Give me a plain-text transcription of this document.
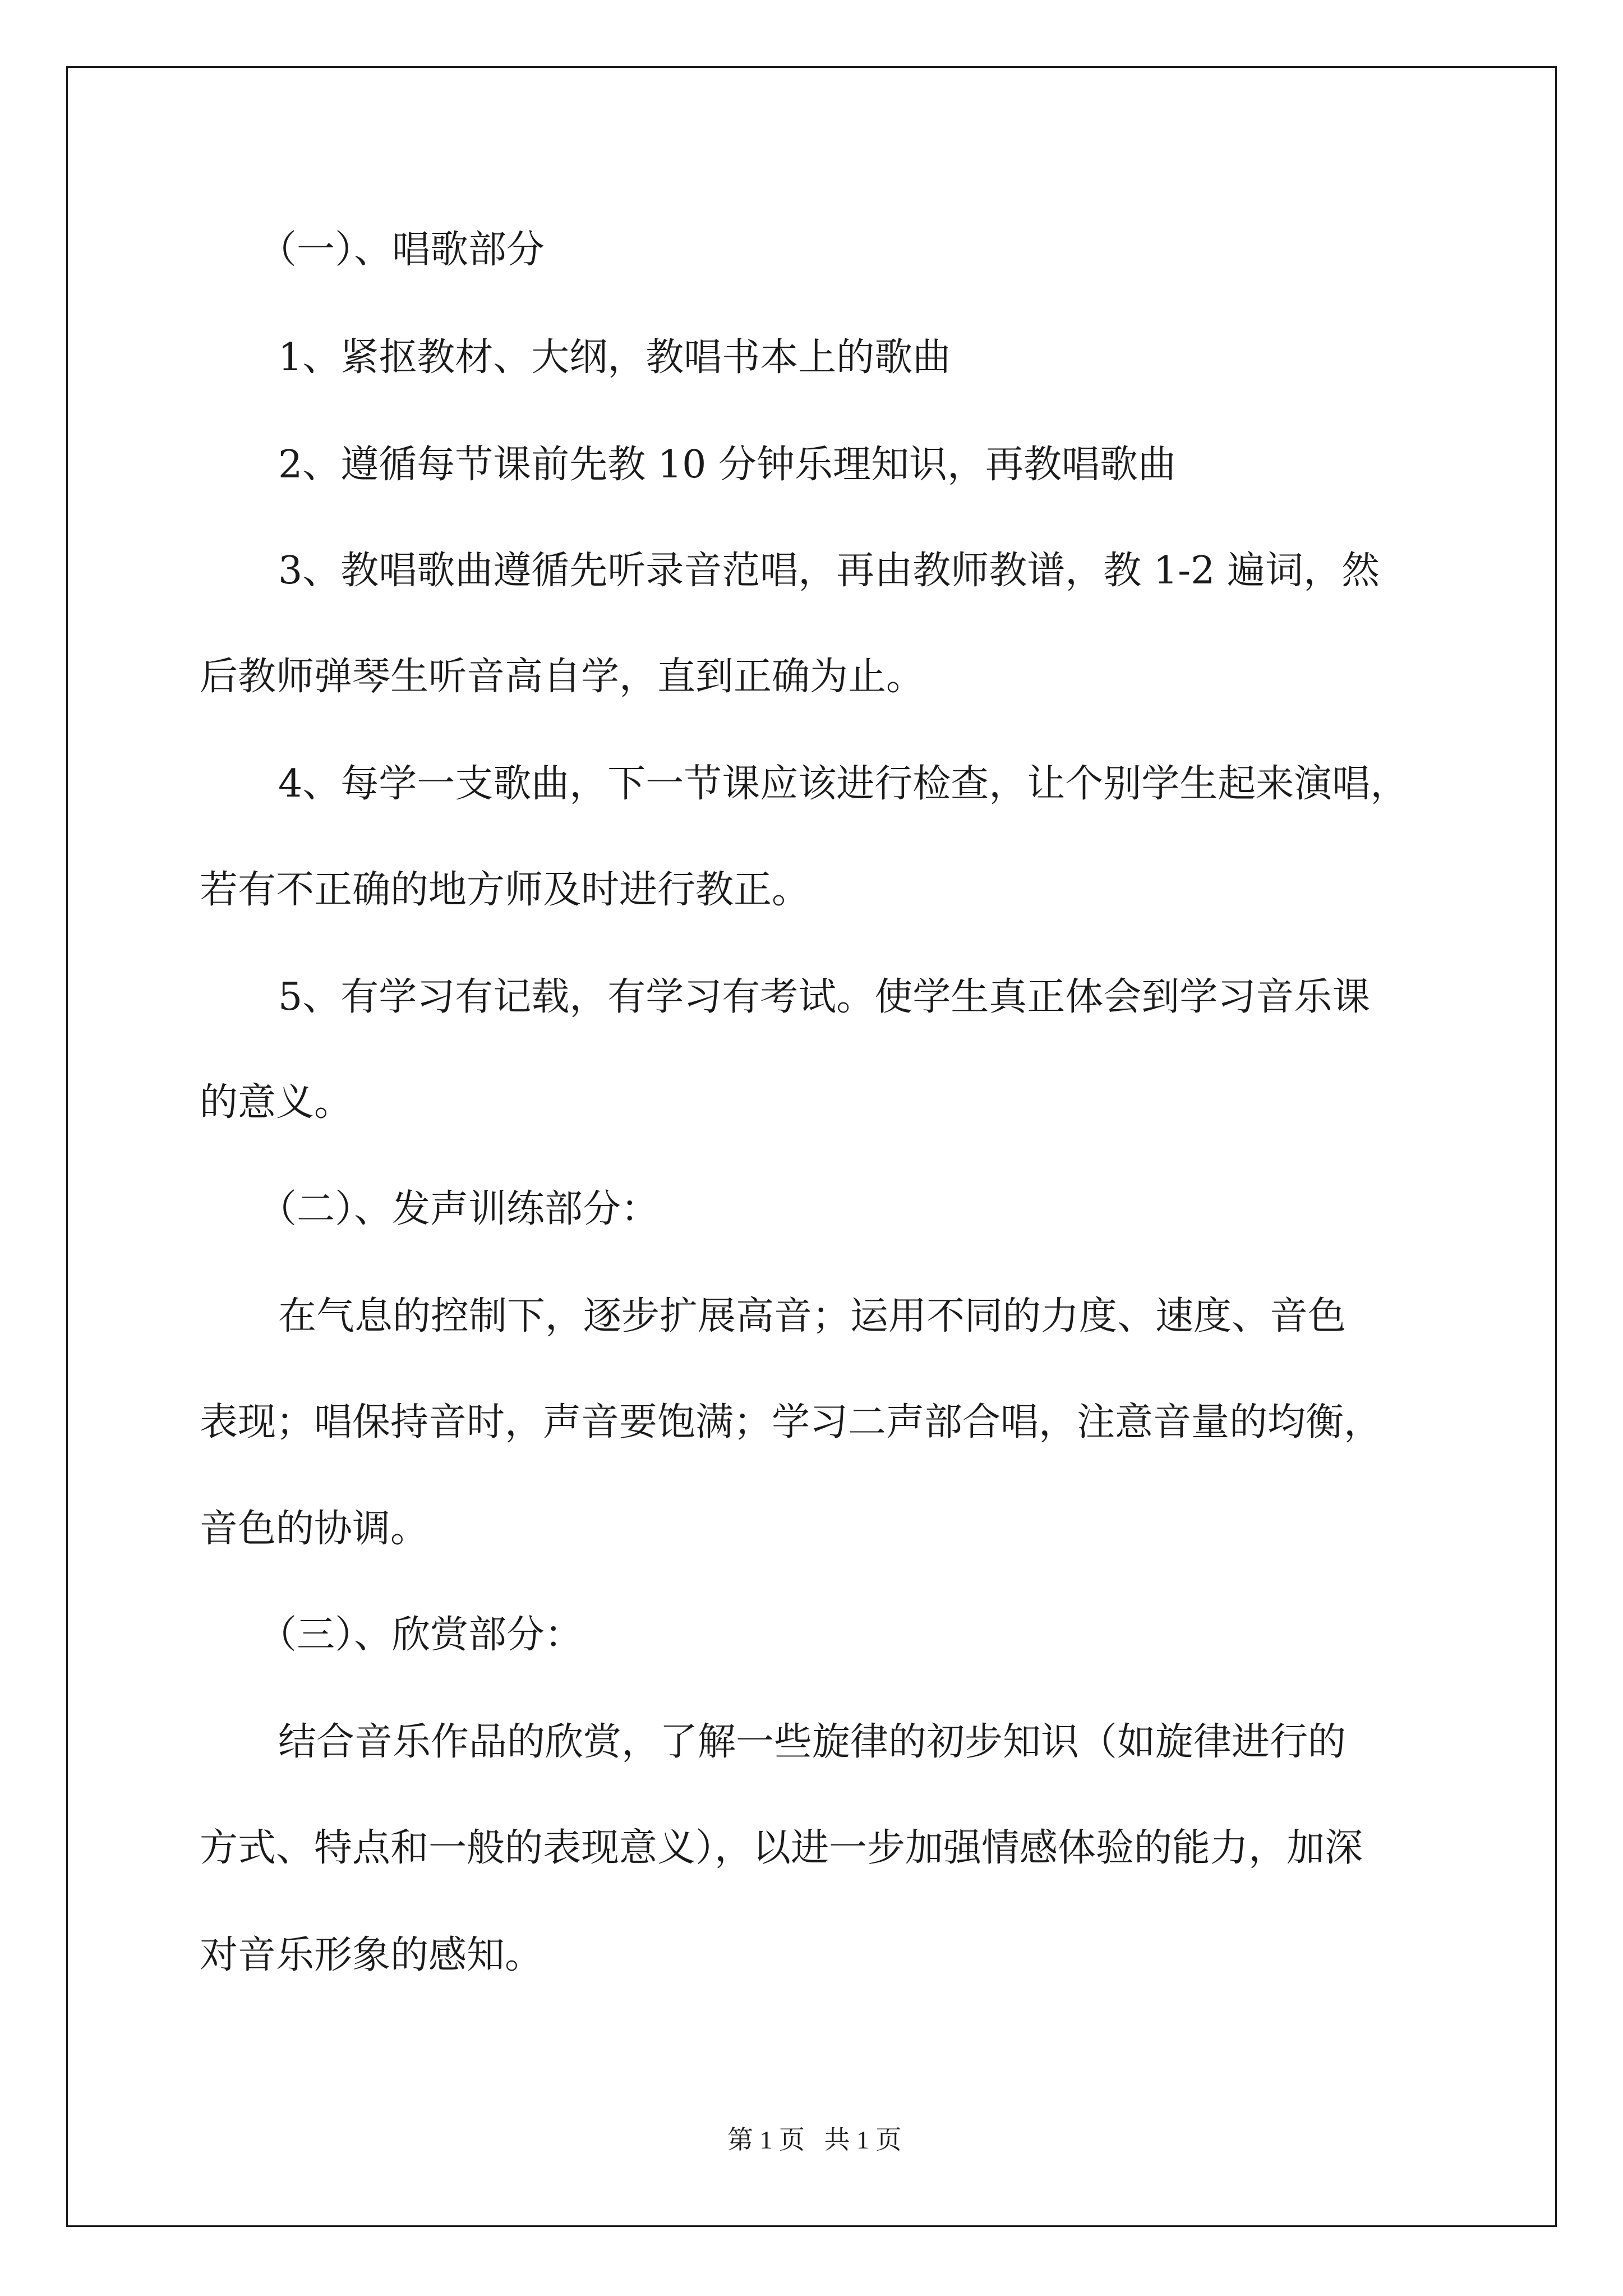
（一）、唱歌部分

1、紧抠教材、大纲，教唱书本上的歌曲

2、遵循每节课前先教 10 分钟乐理知识，再教唱歌曲

3、教唱歌曲遵循先听录音范唱，再由教师教谱，教 1-2 遍词，然

后教师弹琴生听音高自学，直到正确为止。

4、每学一支歌曲，下一节课应该进行检查，让个别学生起来演唱，

若有不正确的地方师及时进行教正。

5、有学习有记载，有学习有考试。使学生真正体会到学习音乐课

的意义。

（二）、发声训练部分：

在气息的控制下，逐步扩展高音；运用不同的力度、速度、音色

表现；唱保持音时，声音要饱满；学习二声部合唱，注意音量的均衡，

音色的协调。

（三）、欣赏部分：

结合音乐作品的欣赏，了解一些旋律的初步知识（如旋律进行的

方式、特点和一般的表现意义），以进一步加强情感体验的能力，加深

对音乐形象的感知。

第 1 页   共 1 页
